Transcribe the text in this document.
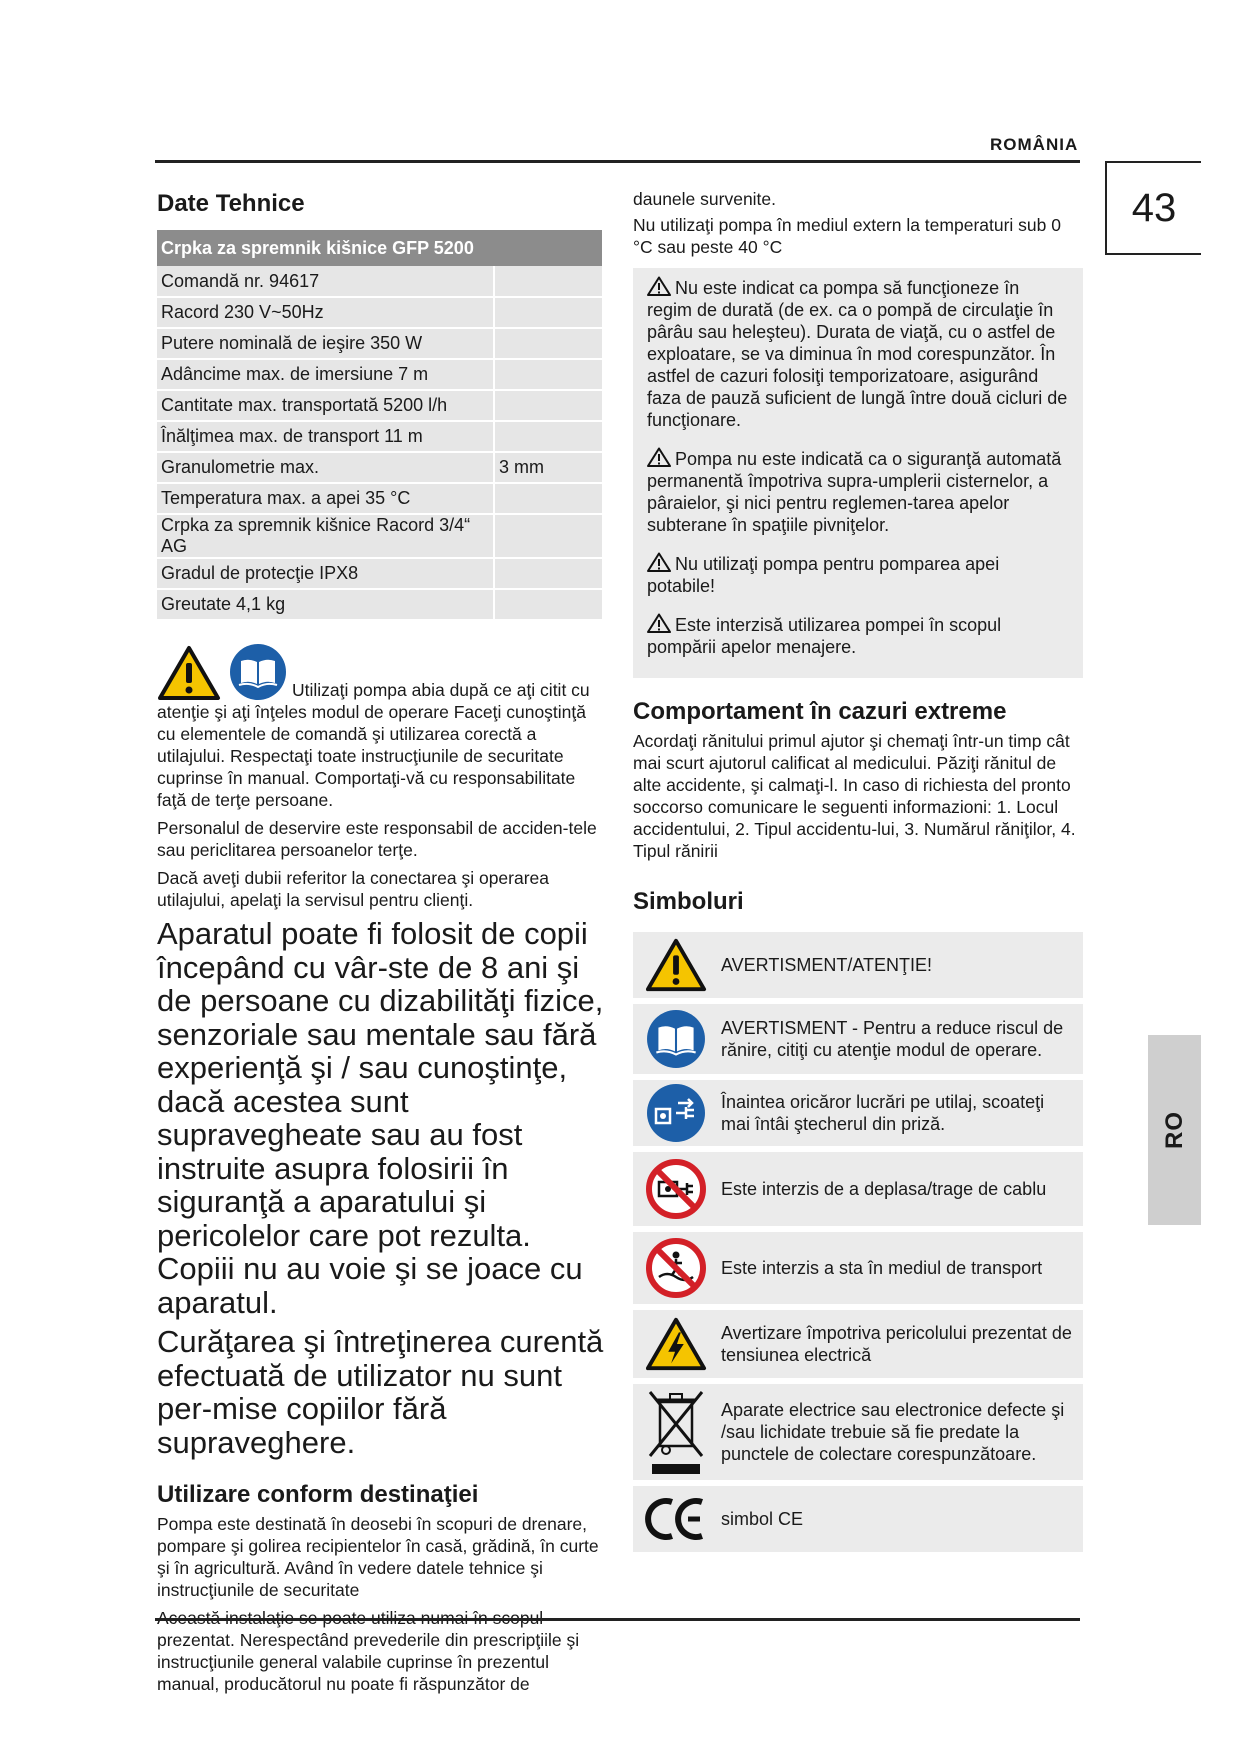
ROMÂNIA
43
RO
Date Tehnice
Crpka za spremnik kišnice GFP 5200	
Comandă nr. 94617	
Racord 230 V~50Hz	
Putere nominală de ieşire 350 W	
Adâncime max. de imersiune 7 m	
Cantitate max. transportată 5200 l/h	
Înălţimea max. de transport 11 m	
Granulometrie max.	3 mm
Temperatura max. a apei 35 °C	
Crpka za spremnik kišnice Racord 3/4“ AG	
Gradul de protecţie IPX8	
Greutate 4,1 kg	

Utilizaţi pompa abia după ce aţi citit cu atenţie şi aţi înţeles modul de operare Faceţi cunoştinţă cu elementele de comandă şi utilizarea corectă a utilajului. Respectaţi toate instrucţiunile de securitate cuprinse în manual. Comportaţi-vă cu responsabilitate faţă de terţe persoane.

Personalul de deservire este responsabil de acciden-tele sau periclitarea persoanelor terţe.

Dacă aveţi dubii referitor la conectarea şi operarea utilajului, apelaţi la servisul pentru clienţi.

Aparatul poate fi folosit de copii începând cu vâr-ste de 8 ani şi de persoane cu dizabilităţi fizice, senzoriale sau mentale sau fără experienţă şi / sau cunoştinţe, dacă acestea sunt supravegheate sau au fost instruite asupra folosirii în siguranţă a aparatului şi pericolelor care pot rezulta. Copiii nu au voie şi se joace cu aparatul.

Curăţarea şi întreţinerea curentă efectuată de utilizator nu sunt per-mise copiilor fără supraveghere.

Utilizare conform destinaţiei

Pompa este destinată în deosebi în scopuri de drenare, pompare şi golirea recipientelor în casă, grădină, în curte şi în agricultură. Având în vedere datele tehnice şi instrucţiunile de securitate

prezentat. Nerespectând prevederile din prescripţiile şi instrucţiunile general valabile cuprinse în prezentul manual, producătorul nu poate fi răspunzător de

daunele survenite.

Nu utilizaţi pompa în mediul extern la temperaturi sub 0 °C sau peste 40 °C

Nu este indicat ca pompa să funcţioneze în regim de durată (de ex. ca o pompă de circulaţie în pârâu sau heleşteu). Durata de viaţă, cu o astfel de exploatare, se va diminua în mod corespunzător. În astfel de cazuri folosiţi temporizatoare, asigurând faza de pauză suficient de lungă între două cicluri de funcţionare.

Pompa nu este indicată ca o siguranţă automată permanentă împotriva supra-umplerii cisternelor, a pâraielor, şi nici pentru reglemen-tarea apelor subterane în spaţiile pivniţelor.

Nu utilizaţi pompa pentru pomparea apei potabile!

Este interzisă utilizarea pompei în scopul pompării apelor menajere.

Comportament în cazuri extreme

Acordaţi rănitului primul ajutor şi chemaţi într-un timp cât mai scurt ajutorul calificat al medicului. Păziţi rănitul de alte accidente, şi calmaţi-l. In caso di richiesta del pronto soccorso comunicare le seguenti informazioni: 1. Locul accidentului, 2. Tipul accidentu-lui, 3. Numărul răniţilor, 4. Tipul rănirii

Simboluri
AVERTISMENT/ATENŢIE!
AVERTISMENT - Pentru a reduce riscul de rănire, citiţi cu atenţie modul de operare.
Înaintea oricăror lucrări pe utilaj, scoateţi mai întâi ştecherul din priză.
Este interzis de a deplasa/trage de cablu
Este interzis a sta în mediul de transport
Avertizare împotriva pericolului prezentat de tensiunea electrică
Aparate electrice sau electronice defecte şi /sau lichidate trebuie să fie predate la punctele de colectare corespunzătoare.
simbol CE
